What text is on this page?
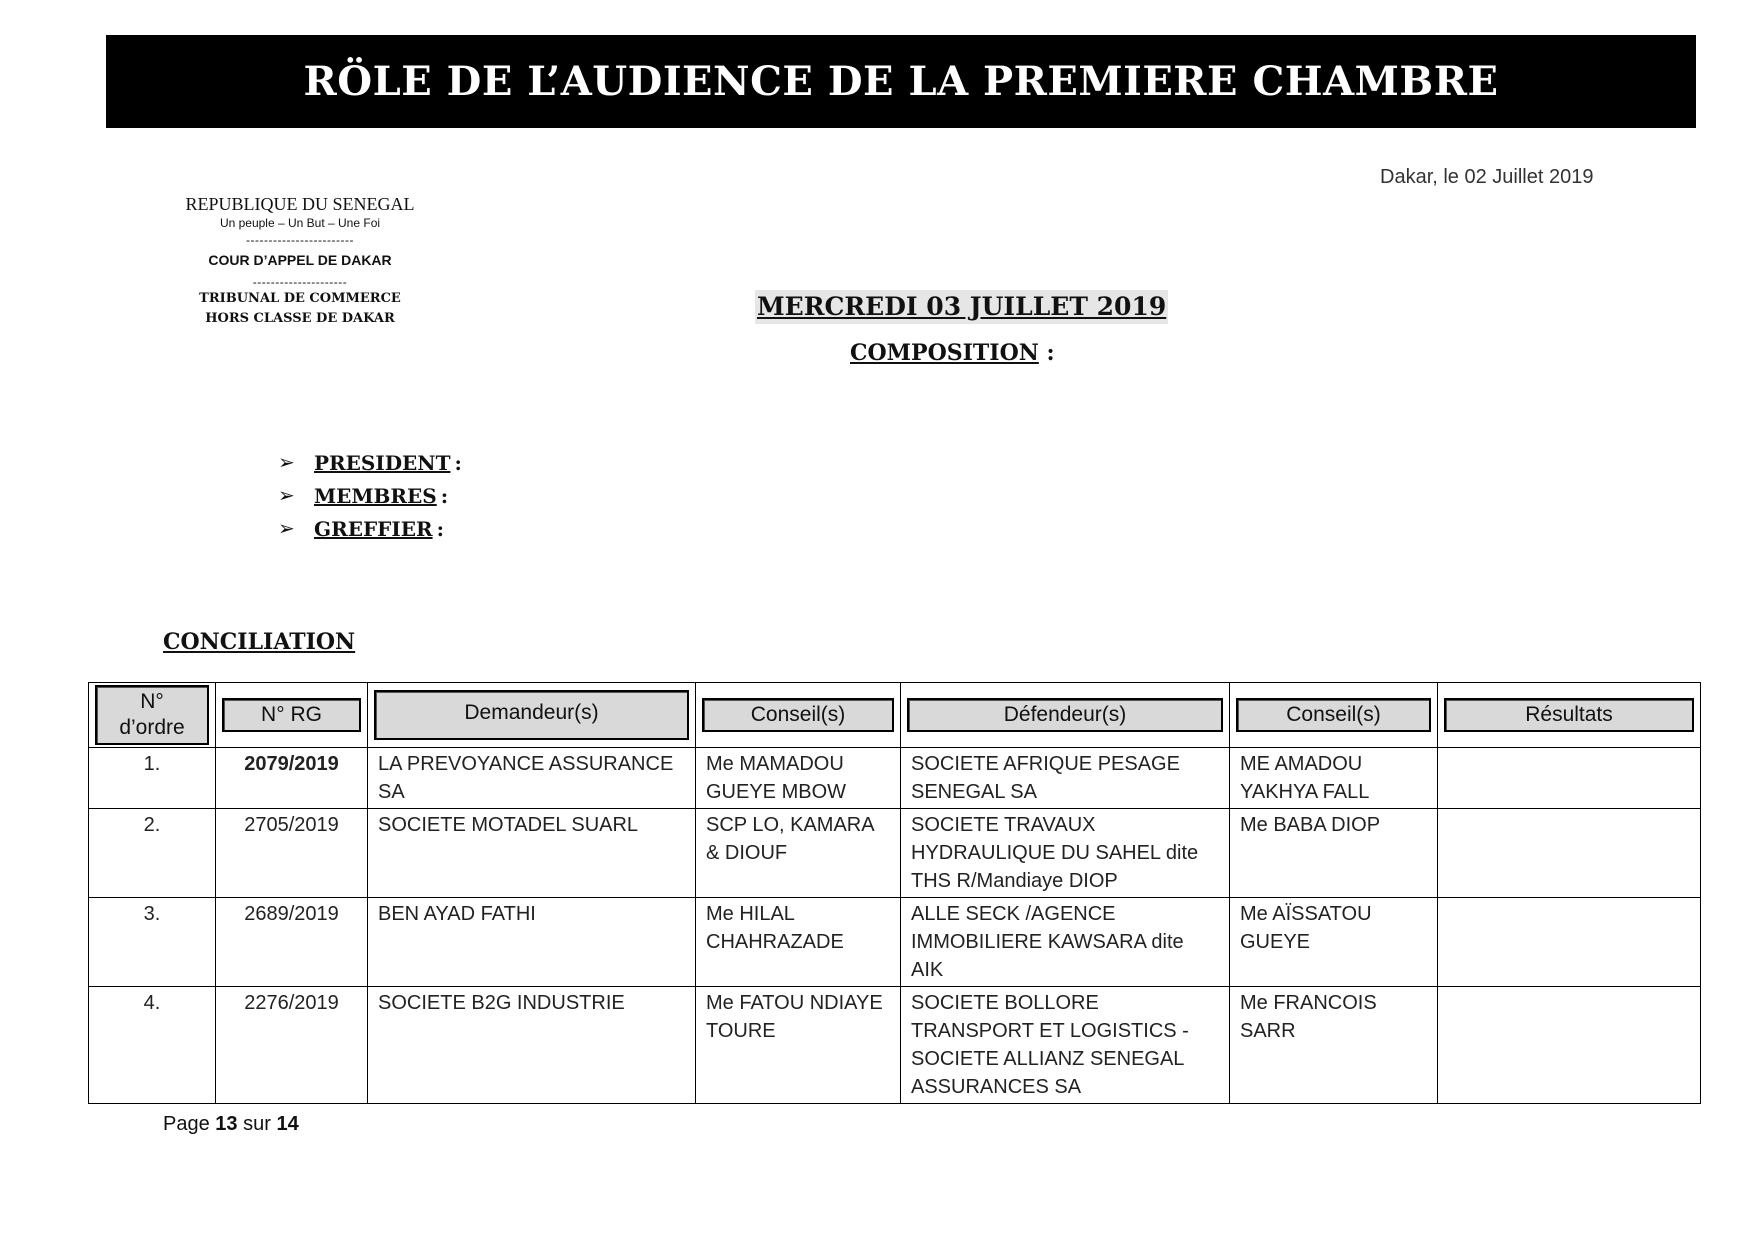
RÖLE DE L’AUDIENCE DE LA PREMIERE CHAMBRE
Dakar, le 02 Juillet 2019
REPUBLIQUE DU SENEGAL
Un peuple – Un But – Une Foi
------------------------
COUR D’APPEL DE DAKAR
---------------------
TRIBUNAL DE COMMERCE
HORS CLASSE DE DAKAR	MERCREDI 03 JUILLET 2019
COMPOSITION :
➢ PRESIDENT :
➢ MEMBRES :
➢ GREFFIER :
CONCILIATION
N°
d’ordre	N° RG	Demandeur(s)	Conseil(s)	Défendeur(s)	Conseil(s)	Résultats

1.	2079/2019	LA PREVOYANCE ASSURANCE SA	Me MAMADOU GUEYE MBOW	SOCIETE AFRIQUE PESAGE SENEGAL SA	ME AMADOU YAKHYA FALL	
2.	2705/2019	SOCIETE MOTADEL SUARL	SCP LO, KAMARA & DIOUF	SOCIETE TRAVAUX HYDRAULIQUE DU SAHEL dite THS R/Mandiaye DIOP	Me BABA DIOP	
3.	2689/2019	BEN AYAD FATHI	Me HILAL CHAHRAZADE	ALLE SECK /AGENCE IMMOBILIERE KAWSARA dite AIK	Me AÏSSATOU GUEYE	
4.	2276/2019	SOCIETE B2G INDUSTRIE	Me FATOU NDIAYE TOURE	SOCIETE BOLLORE TRANSPORT ET LOGISTICS -SOCIETE ALLIANZ SENEGAL ASSURANCES SA	Me FRANCOIS SARR	
Page 13 sur 14
